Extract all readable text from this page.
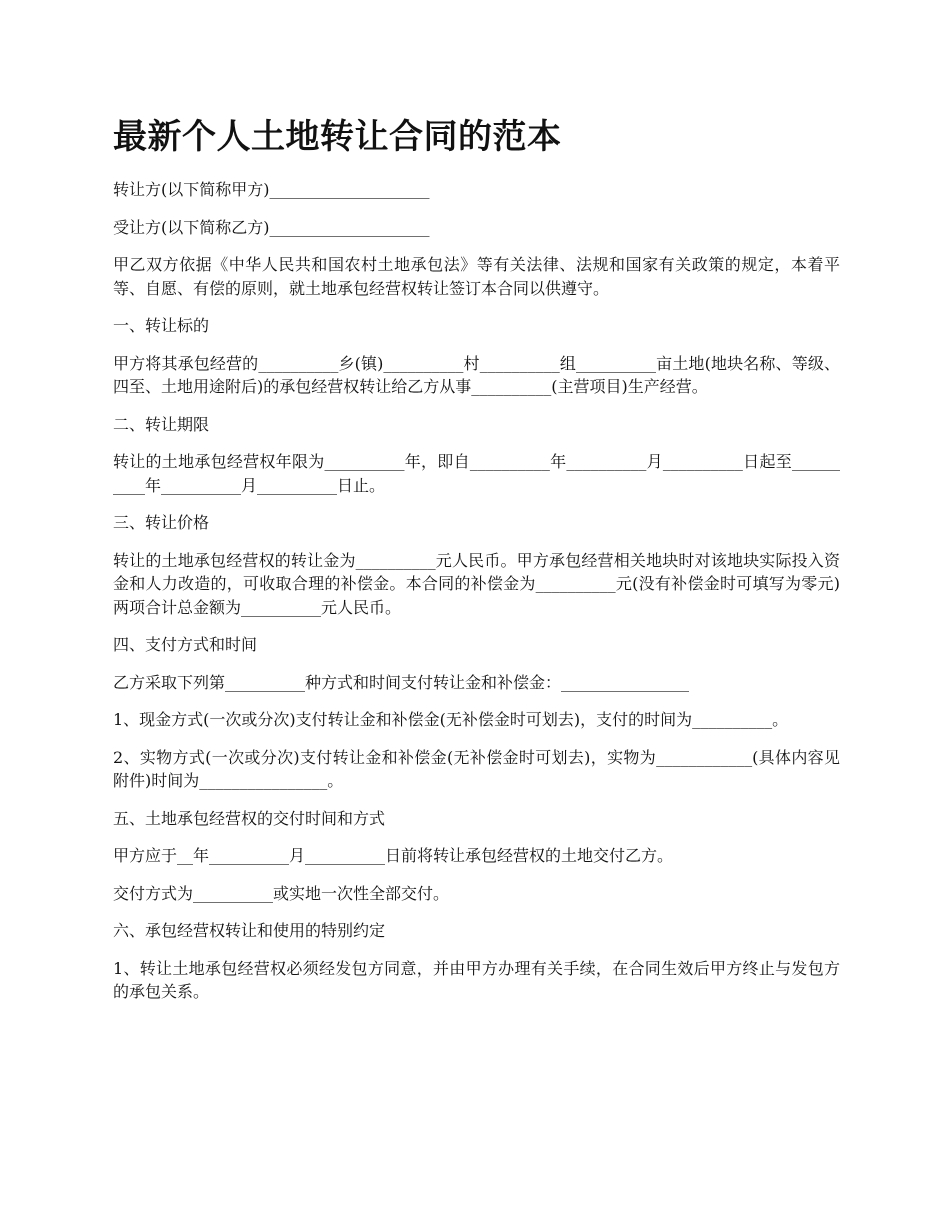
最新个人土地转让合同的范本

转让方(以下简称甲方)____________________

受让方(以下简称乙方)____________________

甲乙双方依据《中华人民共和国农村土地承包法》等有关法律、法规和国家有关政策的规定，本着平等、自愿、有偿的原则，就土地承包经营权转让签订本合同以供遵守。

一、转让标的

甲方将其承包经营的__________乡(镇)__________村__________组__________亩土地(地块名称、等级、四至、土地用途附后)的承包经营权转让给乙方从事__________(主营项目)生产经营。

二、转让期限

转让的土地承包经营权年限为__________年，即自__________年__________月__________日起至__________年__________月__________日止。

三、转让价格

转让的土地承包经营权的转让金为__________元人民币。甲方承包经营相关地块时对该地块实际投入资金和人力改造的，可收取合理的补偿金。本合同的补偿金为__________元(没有补偿金时可填写为零元)两项合计总金额为__________元人民币。

四、支付方式和时间

乙方采取下列第__________种方式和时间支付转让金和补偿金：________________

1、现金方式(一次或分次)支付转让金和补偿金(无补偿金时可划去)，支付的时间为__________。

2、实物方式(一次或分次)支付转让金和补偿金(无补偿金时可划去)，实物为____________(具体内容见附件)时间为________________。

五、土地承包经营权的交付时间和方式

甲方应于__年__________月__________日前将转让承包经营权的土地交付乙方。

交付方式为__________或实地一次性全部交付。

六、承包经营权转让和使用的特别约定

1、转让土地承包经营权必须经发包方同意，并由甲方办理有关手续，在合同生效后甲方终止与发包方的承包关系。
